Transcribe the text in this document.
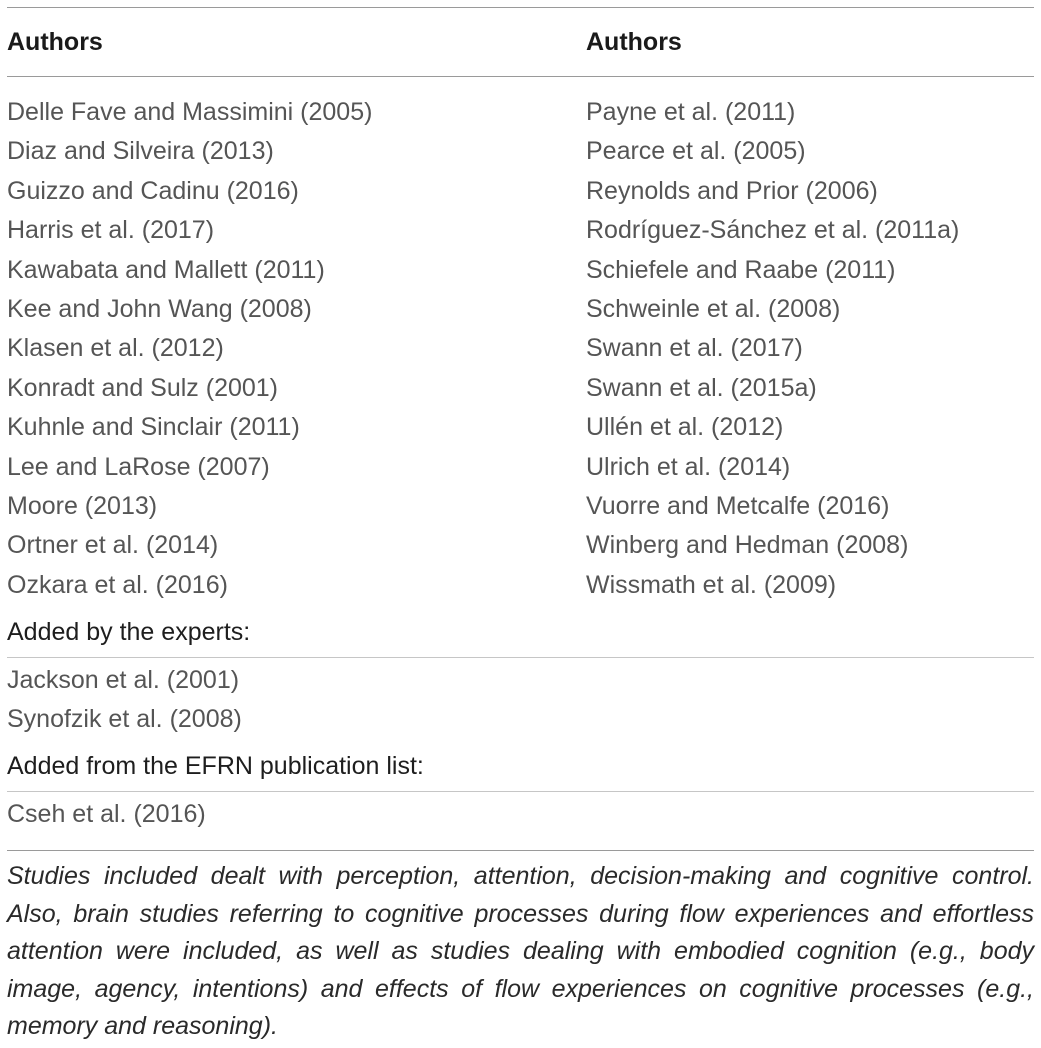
Authors	Authors
Delle Fave and Massimini (2005)
Diaz and Silveira (2013)
Guizzo and Cadinu (2016)
Harris et al. (2017)
Kawabata and Mallett (2011)
Kee and John Wang (2008)
Klasen et al. (2012)
Konradt and Sulz (2001)
Kuhnle and Sinclair (2011)
Lee and LaRose (2007)
Moore (2013)
Ortner et al. (2014)
Ozkara et al. (2016)
Payne et al. (2011)
Pearce et al. (2005)
Reynolds and Prior (2006)
Rodríguez-Sánchez et al. (2011a)
Schiefele and Raabe (2011)
Schweinle et al. (2008)
Swann et al. (2017)
Swann et al. (2015a)
Ullén et al. (2012)
Ulrich et al. (2014)
Vuorre and Metcalfe (2016)
Winberg and Hedman (2008)
Wissmath et al. (2009)
Added by the experts:
Jackson et al. (2001)
Synofzik et al. (2008)
Added from the EFRN publication list:
Cseh et al. (2016)

Studies included dealt with perception, attention, decision-making and cognitive control. Also, brain studies referring to cognitive processes during flow experiences and effortless attention were included, as well as studies dealing with embodied cognition (e.g., body image, agency, intentions) and effects of flow experiences on cognitive processes (e.g., memory and reasoning).
